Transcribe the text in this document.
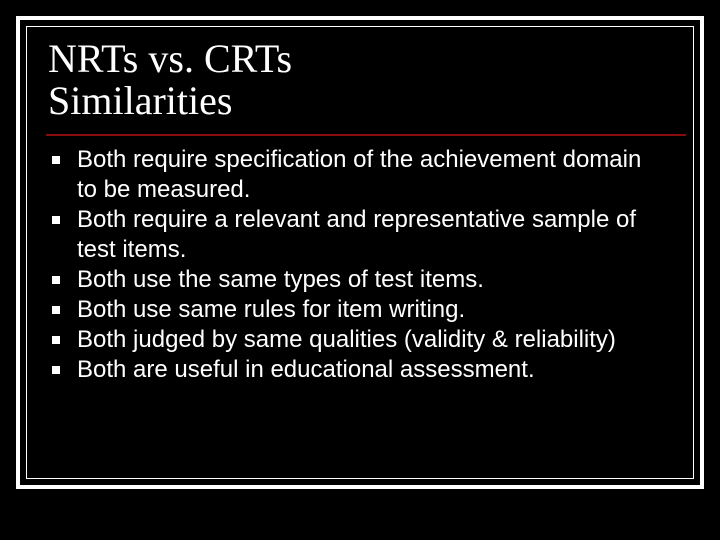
NRTs vs. CRTs
Similarities
Both require specification of the achievement domain to be measured.
Both require a relevant and representative sample of test items.
Both use the same types of test items.
Both use same rules for item writing.
Both judged by same qualities (validity & reliability)
Both are useful in educational assessment.
